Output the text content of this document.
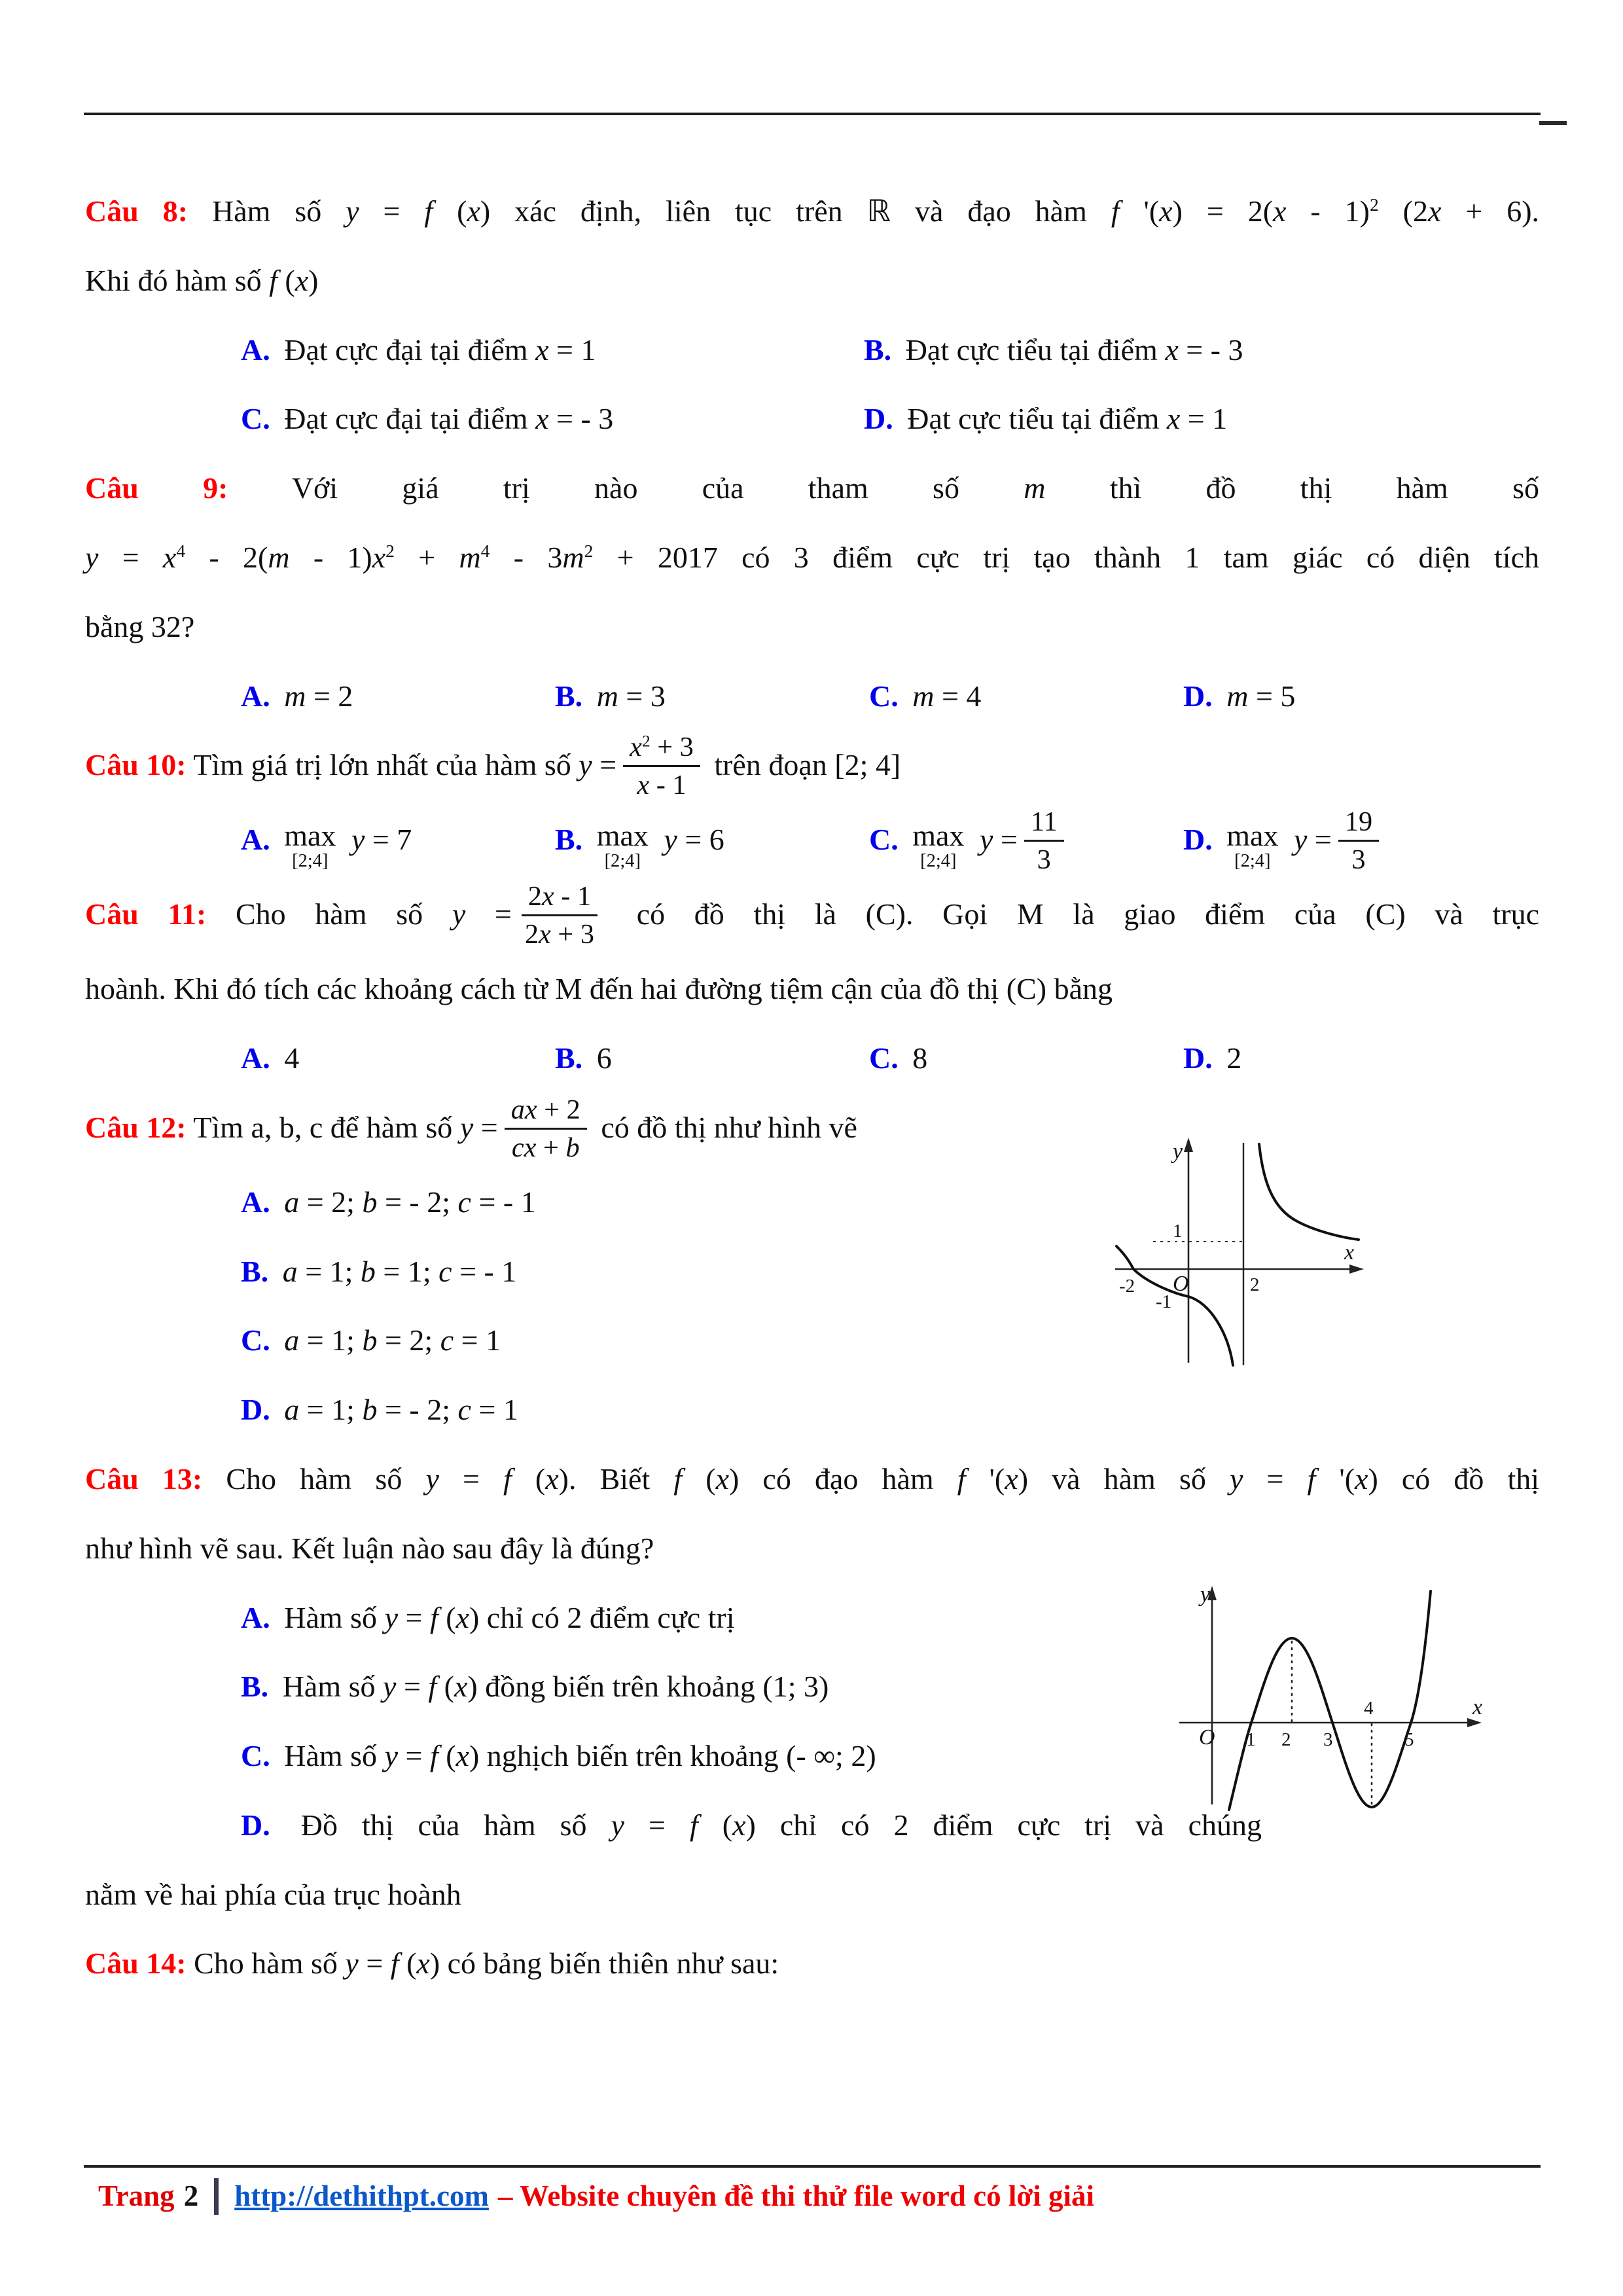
Câu 8: Hàm số y = f (x) xác định, liên tục trên ℝ và đạo hàm f '(x) = 2(x - 1)$^2$ (2x + 6).
Khi đó hàm số f (x)
A. Đạt cực đại tại điểm x = 1	B. Đạt cực tiểu tại điểm x = - 3
C. Đạt cực đại tại điểm x = - 3	D. Đạt cực tiểu tại điểm x = 1
Câu 9: Với giá trị nào của tham số m thì đồ thị hàm số
$y = x^4 - 2(m - 1)x^2 + m^4 - 3m^2 + 2017$ có 3 điểm cực trị tạo thành 1 tam giác có diện tích
bằng 32?
A. m = 2	B. m = 3	C. m = 4	D. m = 5
Câu 10: Tìm giá trị lớn nhất của hàm số $y = \frac{x^2 + 3}{x - 1}$ trên đoạn [2; 4]
A. max
[2;4]
y = 7	B. max
[2;4]
y = 6	C. max
[2;4]
$y = \frac{11}{3}$	D. max
[2;4]
$y = \frac{19}{3}$
Câu 11: Cho hàm số $y = \frac{2x - 1}{2x + 3}$ có đồ thị là (C). Gọi M là giao điểm của (C) và trục
hoành. Khi đó tích các khoảng cách từ M đến hai đường tiệm cận của đồ thị (C) bằng
A. 4	B. 6	C. 8	D. 2
Câu 12: Tìm a, b, c để hàm số $y = \frac{ax + 2}{cx + b}$ có đồ thị như hình vẽ
A. a = 2; b = - 2; c = - 1
B. a = 1; b = 1; c = - 1
C. a = 1; b = 2; c = 1
D. a = 1; b = - 2; c = 1
y
x
O
1
2
-2
-1
Câu 13: Cho hàm số y = f (x). Biết f (x) có đạo hàm f '(x) và hàm số y = f '(x) có đồ thị
như hình vẽ sau. Kết luận nào sau đây là đúng?
A. Hàm số y = f (x) chỉ có 2 điểm cực trị
B. Hàm số y = f (x) đồng biến trên khoảng (1; 3)
C. Hàm số y = f (x) nghịch biến trên khoảng (- ∞; 2)
D. Đồ thị của hàm số y = f (x) chỉ có 2 điểm cực trị và chúng
nằm về hai phía của trục hoành
y
x
O 1 2 3
4
5
Câu 14: Cho hàm số y = f (x) có bảng biến thiên như sau:
Trang 2 http://dethithpt.com – Website chuyên đề thi thử file word có lời giải
